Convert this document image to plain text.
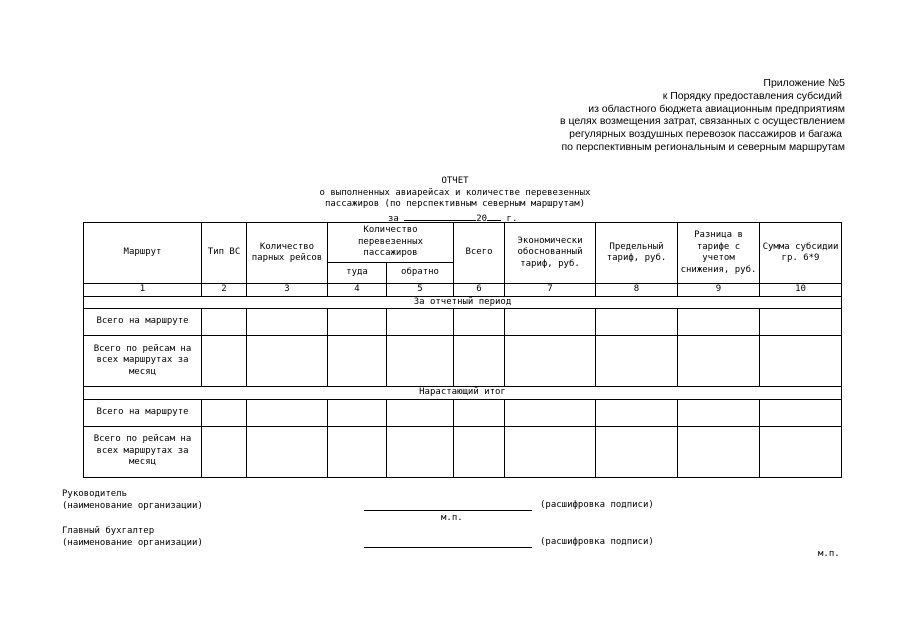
Приложение №5
к Порядку предоставления субсидий
из областного бюджета авиационным предприятиям
в целях возмещения затрат, связанных с осуществлением
регулярных воздушных перевозок пассажиров и багажа
по перспективным региональным и северным маршрутам
ОТЧЕТ
о выполненных авиарейсах и количестве перевезенных
пассажиров (по перспективным северным маршрутам)
за	20 г.
Маршрут	Тип ВС	Количество парных рейсов	Количество перевезенных пассажиров		Всего	Экономически обоснованный тариф, руб.	Предельный тариф, руб.	Разница в тарифе с учетом снижения, руб.	Сумма субсидии гр. 6*9
			туда	обратно					
1	2	3	4	5	6	7	8	9	10
За отчетный период									
Всего на маршруте									
Всего по рейсам на всех маршрутах за месяц									
Нарастающий итог									
Всего на маршруте									
Всего по рейсам на всех маршрутах за месяц									
Руководитель
(наименование организации)	(расшифровка подписи)
м.п.
Главный бухгалтер
(наименование организации)	(расшифровка подписи)
м.п.
